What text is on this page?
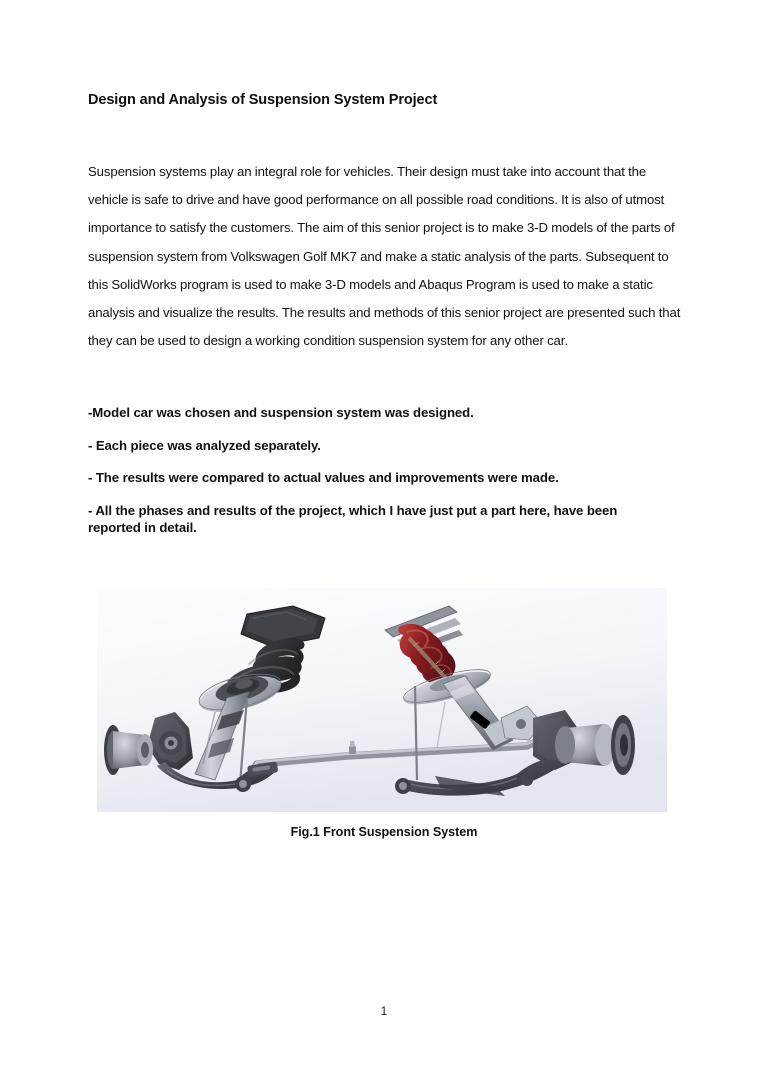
Design and Analysis of Suspension System Project

Suspension systems play an integral role for vehicles. Their design must take into account that the vehicle is safe to drive and have good performance on all possible road conditions. It is also of utmost importance to satisfy the customers. The aim of this senior project is to make 3-D models of the parts of suspension system from Volkswagen Golf MK7 and make a static analysis of the parts. Subsequent to this SolidWorks program is used to make 3-D models and Abaqus Program is used to make a static analysis and visualize the results. The results and methods of this senior project are presented such that they can be used to design a working condition suspension system for any other car.

-Model car was chosen and suspension system was designed.

- Each piece was analyzed separately.

- The results were compared to actual values and improvements were made.

- All the phases and results of the project, which I have just put a part here, have been reported in detail.

Fig.1 Front Suspension System
1
